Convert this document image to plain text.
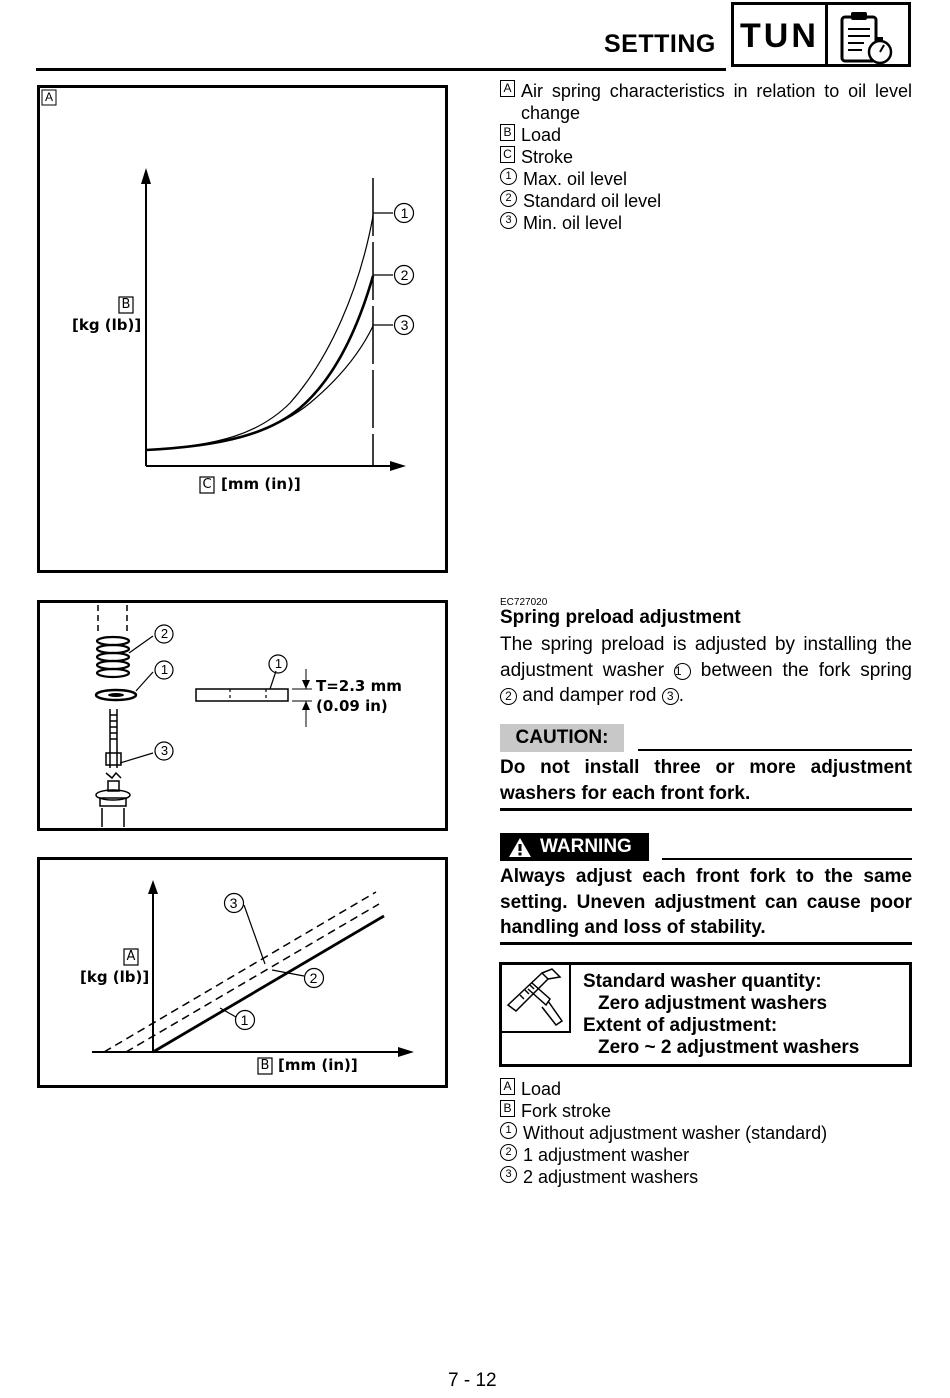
SETTING TUN
A
B
[kg (lb)]
C [mm (in)]
1
2
3
A Air spring characteristics in relation to oil level change
B Load
C Stroke
1 Max. oil level
2 Standard oil level
3 Min. oil level
2
1
3
1
T=2.3 mm
(0.09 in)
EC727020
Spring preload adjustment
The spring preload is adjusted by installing the
adjustment washer 1 between the fork spring
2 and damper rod 3 .
CAUTION:
Do not install three or more adjustment washers for each front fork.
WARNING
Always adjust each front fork to the same setting. Uneven adjustment can cause poor handling and loss of stability.
Standard washer quantity:
Zero adjustment washers
Extent of adjustment:
Zero ~ 2 adjustment washers
3
2
1
A
[kg (lb)]
B [mm (in)]
A Load
B Fork stroke
1 Without adjustment washer (standard)
2 1 adjustment washer
3 2 adjustment washers
7 - 12
